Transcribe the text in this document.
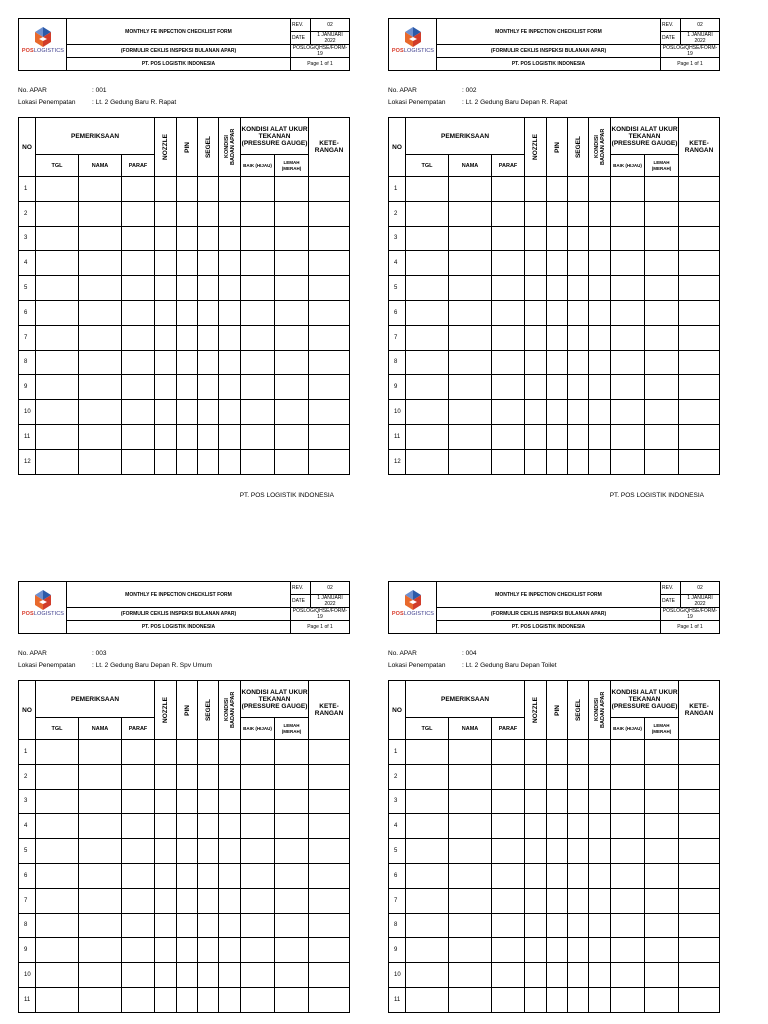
POSLOGISTICS	MONTHLY FE INPECTION CHECKLIST FORM	REV.	02
		DATE	1 JANUARI 2022
	(FORMULIR CEKLIS INSPEKSI BULANAN APAR)	POSLOG/QHSE/FORM-19	
	PT. POS LOGISTIK INDONESIA	Page 1 of 1	
No. APAR	: 001
Lokasi Penempatan	: Lt. 2 Gedung Baru R. Rapat
NO	PEMERIKSAAN			NOZZLE	PIN	SEGEL	KONDISI BADAN APAR	KONDISI ALAT UKUR TEKANAN (PRESSURE GAUGE)		KETE-RANGAN
	TGL	NAMA	PARAF					BAIK (HIJAU)	LEMAH (MERAH)	
1										
2										
3										
4										
5										
6										
7										
8										
9										
10										
11										
12										
PT. POS LOGISTIK INDONESIA
POSLOGISTICS	MONTHLY FE INPECTION CHECKLIST FORM	REV.	02
		DATE	1 JANUARI 2022
	(FORMULIR CEKLIS INSPEKSI BULANAN APAR)	POSLOG/QHSE/FORM-19	
	PT. POS LOGISTIK INDONESIA	Page 1 of 1	
No. APAR	: 002
Lokasi Penempatan	: Lt. 2 Gedung Baru Depan R. Rapat
NO	PEMERIKSAAN			NOZZLE	PIN	SEGEL	KONDISI BADAN APAR	KONDISI ALAT UKUR TEKANAN (PRESSURE GAUGE)		KETE-RANGAN
	TGL	NAMA	PARAF					BAIK (HIJAU)	LEMAH (MERAH)	
1										
2										
3										
4										
5										
6										
7										
8										
9										
10										
11										
12										
PT. POS LOGISTIK INDONESIA
POSLOGISTICS	MONTHLY FE INPECTION CHECKLIST FORM	REV.	02
		DATE	1 JANUARI 2022
	(FORMULIR CEKLIS INSPEKSI BULANAN APAR)	POSLOG/QHSE/FORM-19	
	PT. POS LOGISTIK INDONESIA	Page 1 of 1	
No. APAR	: 003
Lokasi Penempatan	: Lt. 2 Gedung Baru Depan R. Spv Umum
NO	PEMERIKSAAN			NOZZLE	PIN	SEGEL	KONDISI BADAN APAR	KONDISI ALAT UKUR TEKANAN (PRESSURE GAUGE)		KETE-RANGAN
	TGL	NAMA	PARAF					BAIK (HIJAU)	LEMAH (MERAH)	
1										
2										
3										
4										
5										
6										
7										
8										
9										
10										
11										
POSLOGISTICS	MONTHLY FE INPECTION CHECKLIST FORM	REV.	02
		DATE	1 JANUARI 2022
	(FORMULIR CEKLIS INSPEKSI BULANAN APAR)	POSLOG/QHSE/FORM-19	
	PT. POS LOGISTIK INDONESIA	Page 1 of 1	
No. APAR	: 004
Lokasi Penempatan	: Lt. 2 Gedung Baru Depan Toilet
NO	PEMERIKSAAN			NOZZLE	PIN	SEGEL	KONDISI BADAN APAR	KONDISI ALAT UKUR TEKANAN (PRESSURE GAUGE)		KETE-RANGAN
	TGL	NAMA	PARAF					BAIK (HIJAU)	LEMAH (MERAH)	
1										
2										
3										
4										
5										
6										
7										
8										
9										
10										
11										
